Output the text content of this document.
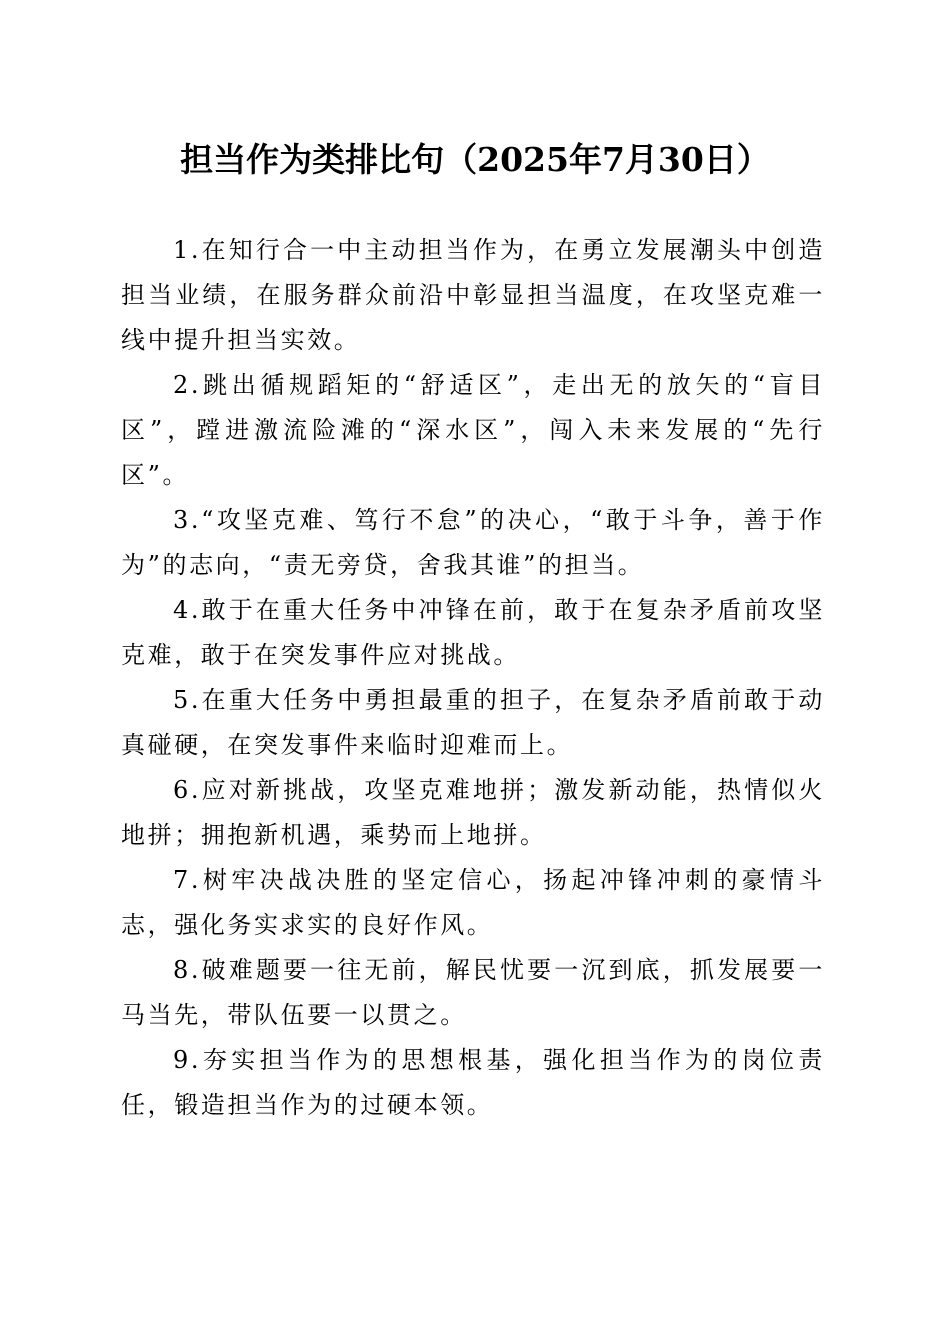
担当作为类排比句（2025年7月30日）

1.在知行合一中主动担当作为，在勇立发展潮头中创造担当业绩，在服务群众前沿中彰显担当温度，在攻坚克难一线中提升担当实效。

2.跳出循规蹈矩的“舒适区”，走出无的放矢的“盲目区”，蹚进激流险滩的“深水区”，闯入未来发展的“先行区”。

3.“攻坚克难、笃行不怠”的决心，“敢于斗争，善于作为”的志向，“责无旁贷，舍我其谁”的担当。

4.敢于在重大任务中冲锋在前，敢于在复杂矛盾前攻坚克难，敢于在突发事件应对挑战。

5.在重大任务中勇担最重的担子，在复杂矛盾前敢于动真碰硬，在突发事件来临时迎难而上。

6.应对新挑战，攻坚克难地拼；激发新动能，热情似火地拼；拥抱新机遇，乘势而上地拼。

7.树牢决战决胜的坚定信心，扬起冲锋冲刺的豪情斗志，强化务实求实的良好作风。

8.破难题要一往无前，解民忧要一沉到底，抓发展要一马当先，带队伍要一以贯之。

9.夯实担当作为的思想根基，强化担当作为的岗位责任，锻造担当作为的过硬本领。
